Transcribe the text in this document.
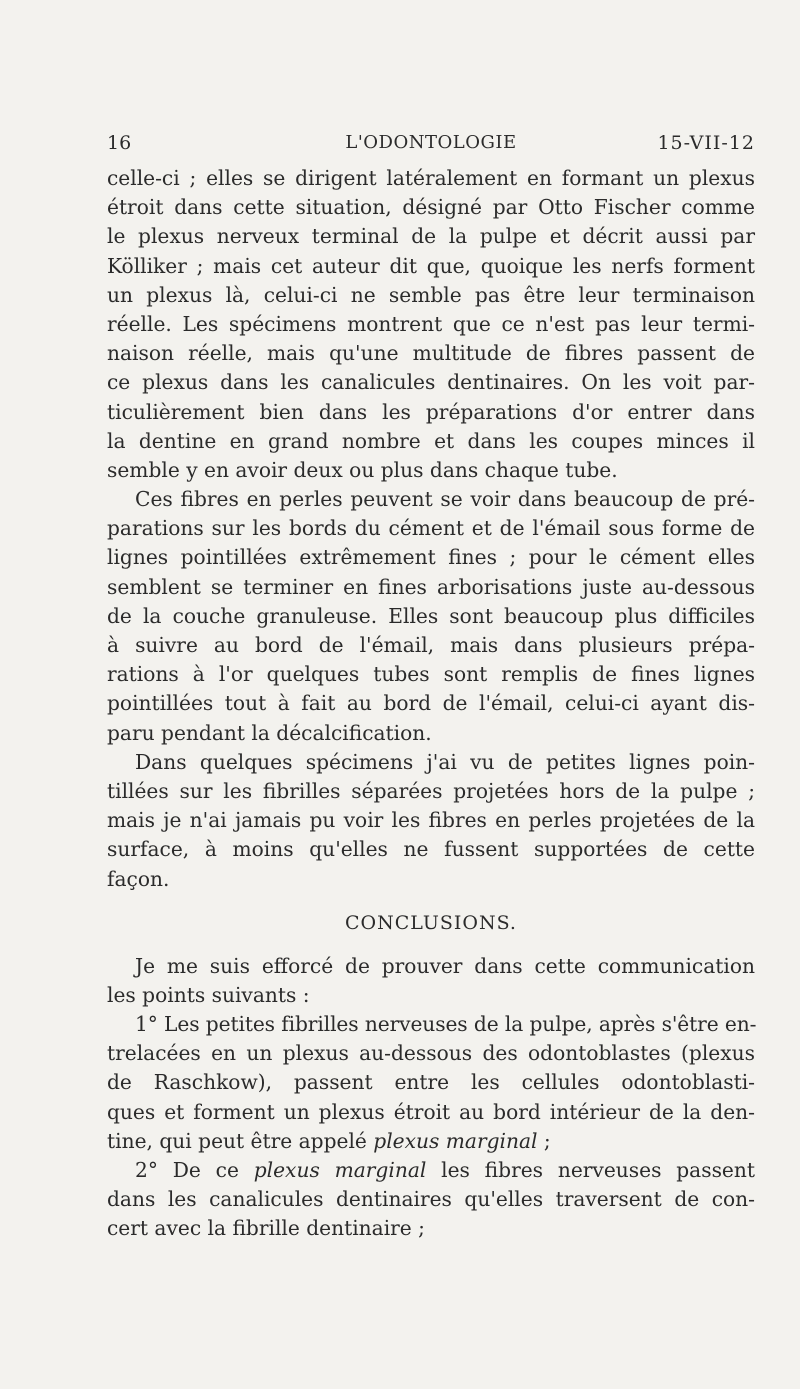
16	L'ODONTOLOGIE	15-VII-12
celle-ci ; elles se dirigent latéralement en formant un plexus
étroit dans cette situation, désigné par Otto Fischer comme
le plexus nerveux terminal de la pulpe et décrit aussi par
Kölliker ; mais cet auteur dit que, quoique les nerfs forment
un plexus là, celui-ci ne semble pas être leur terminaison
réelle. Les spécimens montrent que ce n'est pas leur termi-
naison réelle, mais qu'une multitude de fibres passent de
ce plexus dans les canalicules dentinaires. On les voit par-
ticulièrement bien dans les préparations d'or entrer dans
la dentine en grand nombre et dans les coupes minces il
semble y en avoir deux ou plus dans chaque tube.
Ces fibres en perles peuvent se voir dans beaucoup de pré-
parations sur les bords du cément et de l'émail sous forme de
lignes pointillées extrêmement fines ; pour le cément elles
semblent se terminer en fines arborisations juste au-dessous
de la couche granuleuse. Elles sont beaucoup plus difficiles
à suivre au bord de l'émail, mais dans plusieurs prépa-
rations à l'or quelques tubes sont remplis de fines lignes
pointillées tout à fait au bord de l'émail, celui-ci ayant dis-
paru pendant la décalcification.
Dans quelques spécimens j'ai vu de petites lignes poin-
tillées sur les fibrilles séparées projetées hors de la pulpe ;
mais je n'ai jamais pu voir les fibres en perles projetées de la
surface, à moins qu'elles ne fussent supportées de cette
façon.
CONCLUSIONS.
Je me suis efforcé de prouver dans cette communication
les points suivants :
1° Les petites fibrilles nerveuses de la pulpe, après s'être en-
trelacées en un plexus au-dessous des odontoblastes (plexus
de Raschkow), passent entre les cellules odontoblasti-
ques et forment un plexus étroit au bord intérieur de la den-
tine, qui peut être appelé plexus marginal ;
2° De ce plexus marginal les fibres nerveuses passent
dans les canalicules dentinaires qu'elles traversent de con-
cert avec la fibrille dentinaire ;
